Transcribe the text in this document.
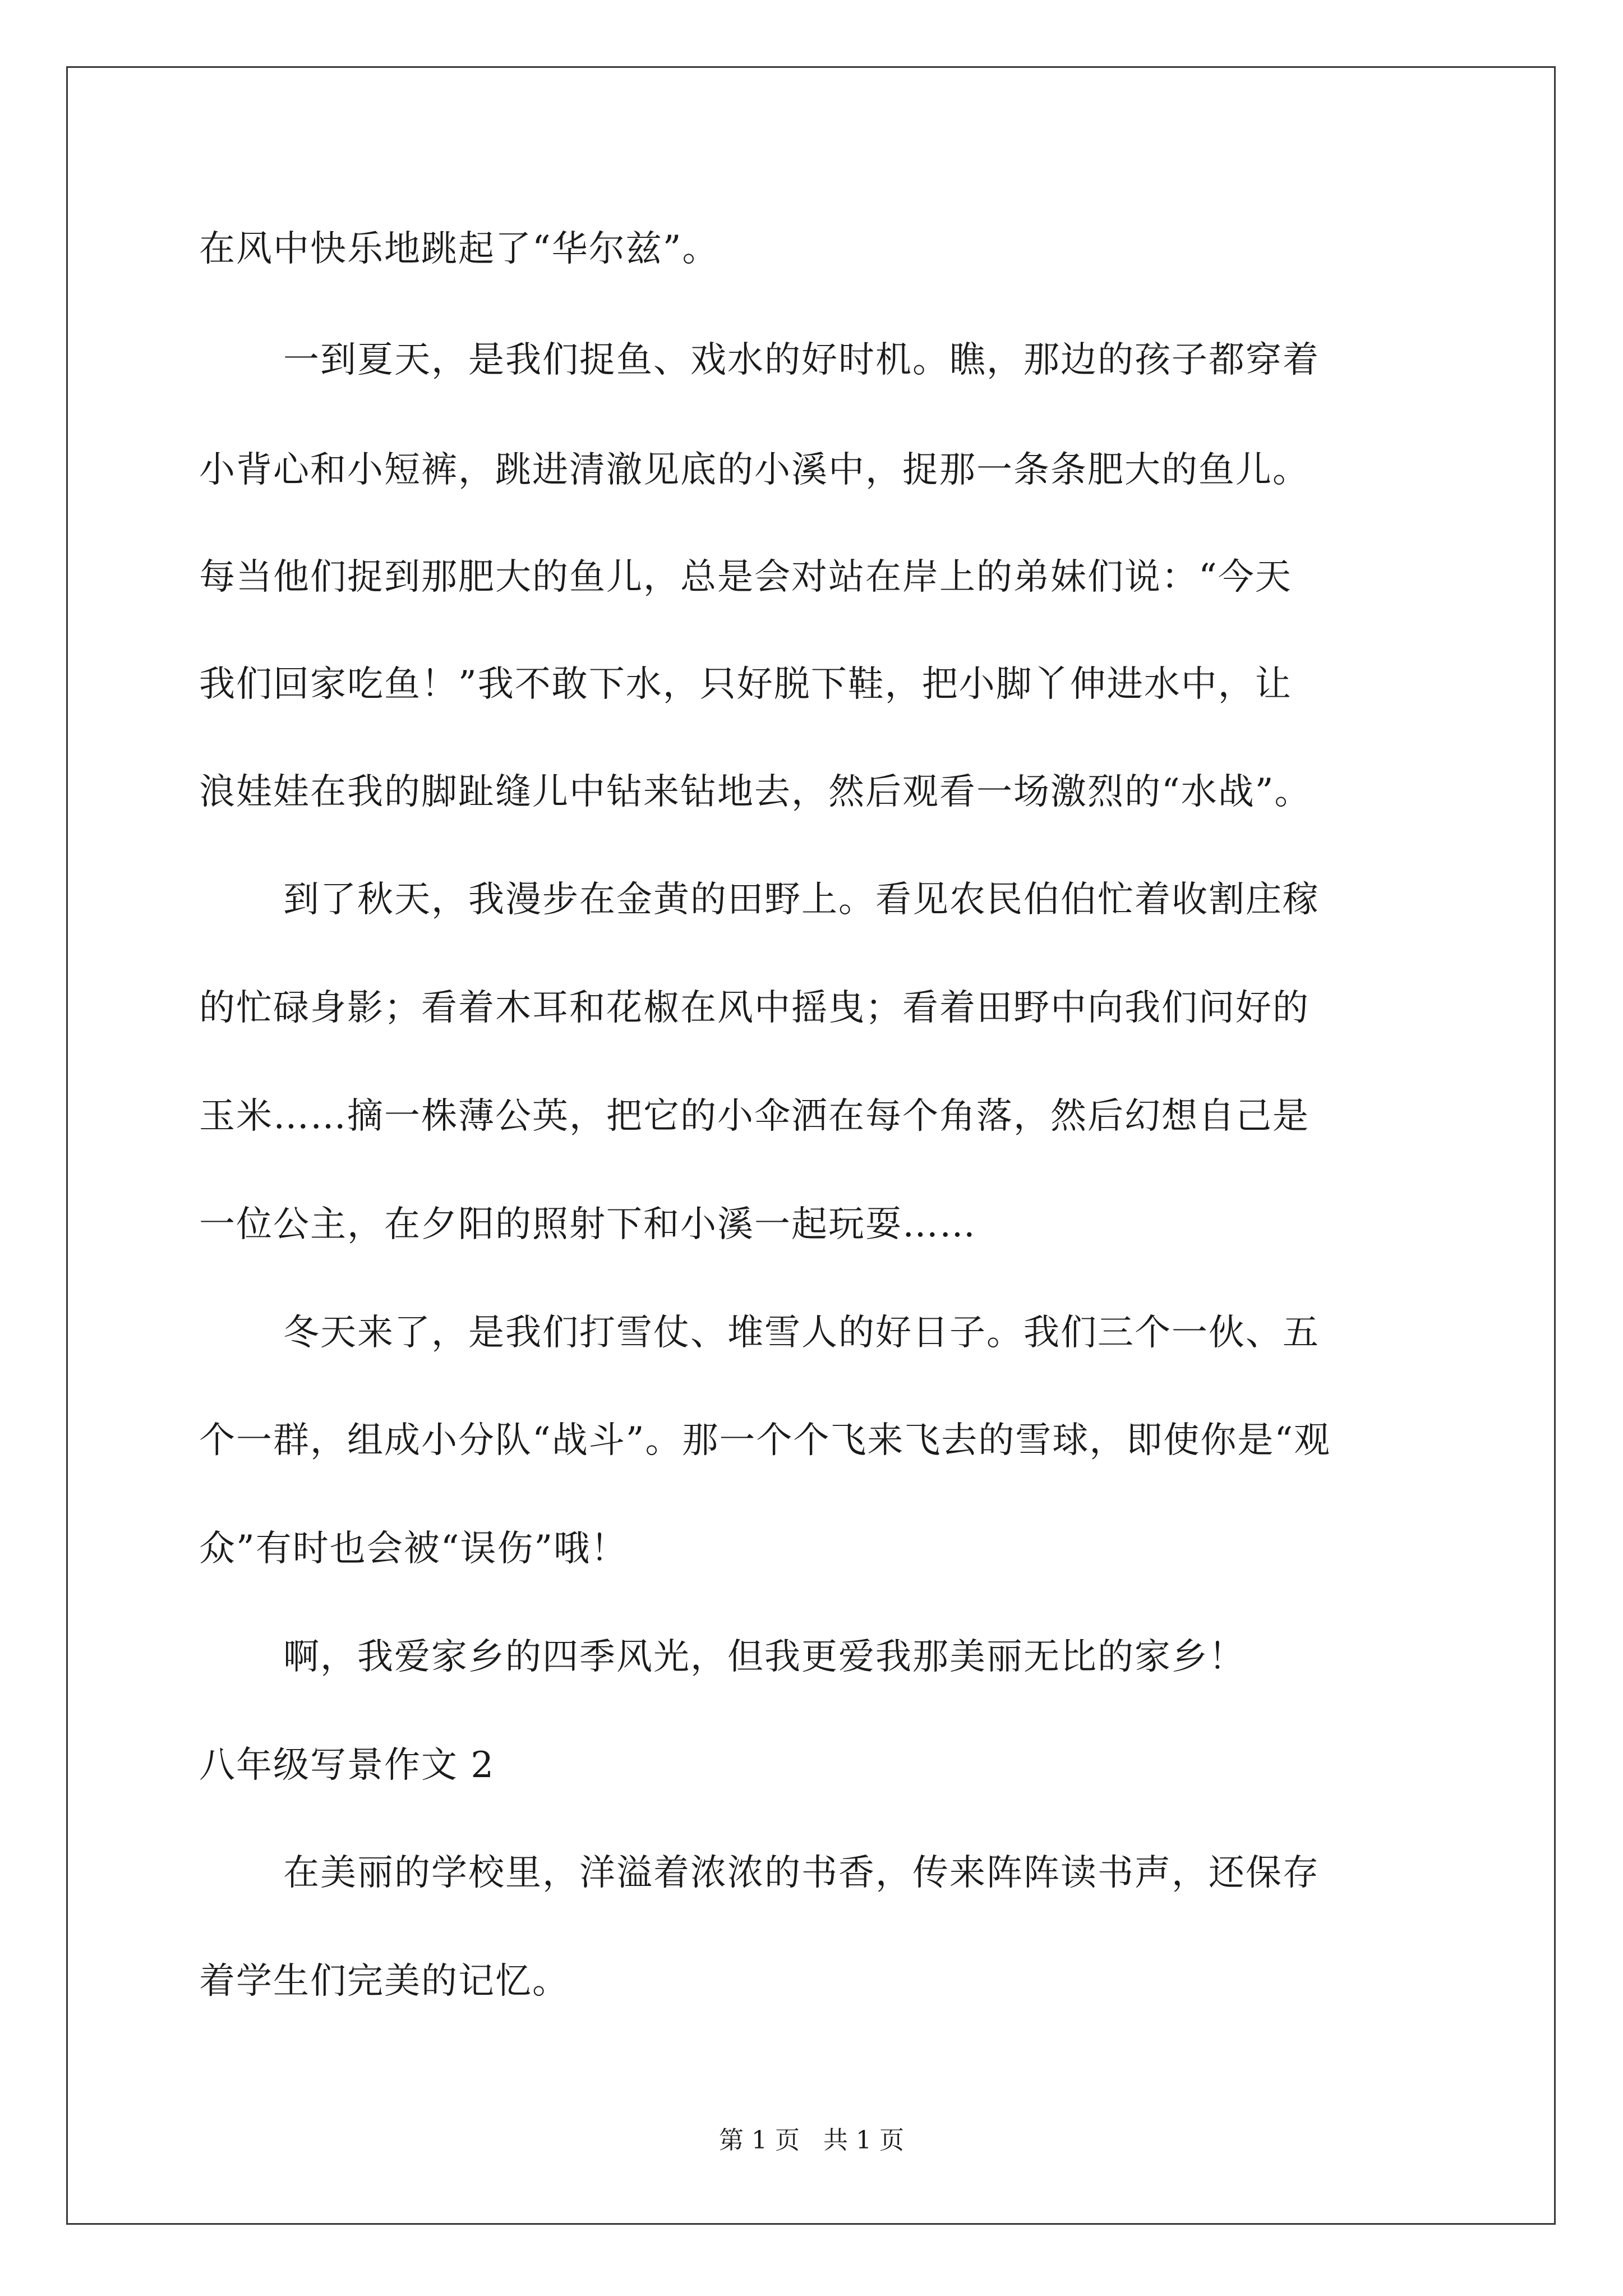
在风中快乐地跳起了“华尔兹”。
一到夏天，是我们捉鱼、戏水的好时机。瞧，那边的孩子都穿着
小背心和小短裤，跳进清澈见底的小溪中，捉那一条条肥大的鱼儿。
每当他们捉到那肥大的鱼儿，总是会对站在岸上的弟妹们说：“今天
我们回家吃鱼！”我不敢下水，只好脱下鞋，把小脚丫伸进水中，让
浪娃娃在我的脚趾缝儿中钻来钻地去，然后观看一场激烈的“水战”。
到了秋天，我漫步在金黄的田野上。看见农民伯伯忙着收割庄稼
的忙碌身影；看着木耳和花椒在风中摇曳；看着田野中向我们问好的
玉米……摘一株薄公英，把它的小伞洒在每个角落，然后幻想自己是
一位公主，在夕阳的照射下和小溪一起玩耍……
冬天来了，是我们打雪仗、堆雪人的好日子。我们三个一伙、五
个一群，组成小分队“战斗”。那一个个飞来飞去的雪球，即使你是“观
众”有时也会被“误伤”哦！
啊，我爱家乡的四季风光，但我更爱我那美丽无比的家乡！
八年级写景作文 2
在美丽的学校里，洋溢着浓浓的书香，传来阵阵读书声，还保存
着学生们完美的记忆。
第 1 页   共 1 页
